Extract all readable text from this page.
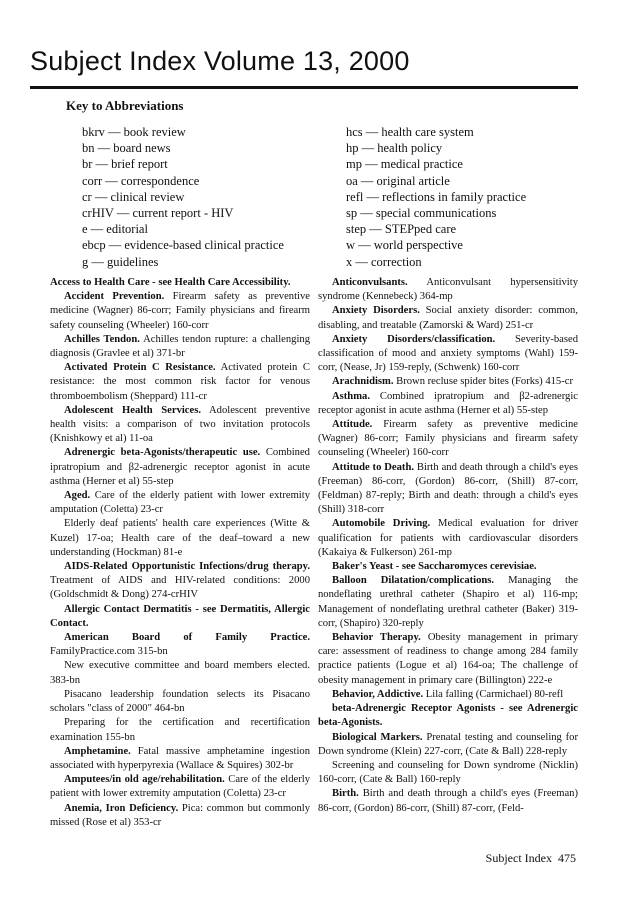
Subject Index Volume 13, 2000
Key to Abbreviations
bkrv — book review
bn — board news
br — brief report
corr — correspondence
cr — clinical review
crHIV — current report - HIV
e — editorial
ebcp — evidence-based clinical practice
g — guidelines
hcs — health care system
hp — health policy
mp — medical practice
oa — original article
refl — reflections in family practice
sp — special communications
step — STEPped care
w — world perspective
x — correction

Access to Health Care - see Health Care Accessibility.

Accident Prevention. Firearm safety as preventive medicine (Wagner) 86-corr; Family physicians and firearm safety counseling (Wheeler) 160-corr

Achilles Tendon. Achilles tendon rupture: a challenging diagnosis (Gravlee et al) 371-br

Activated Protein C Resistance. Activated protein C resistance: the most common risk factor for venous thromboembolism (Sheppard) 111-cr

Adolescent Health Services. Adolescent preventive health visits: a comparison of two invitation protocols (Knishkowy et al) 11-oa

Adrenergic beta-Agonists/therapeutic use. Combined ipratropium and β2-adrenergic receptor agonist in acute asthma (Herner et al) 55-step

Aged. Care of the elderly patient with lower extremity amputation (Coletta) 23-cr

Elderly deaf patients' health care experiences (Witte & Kuzel) 17-oa; Health care of the deaf–toward a new understanding (Hockman) 81-e

AIDS-Related Opportunistic Infections/drug therapy. Treatment of AIDS and HIV-related conditions: 2000 (Goldschmidt & Dong) 274-crHIV

Allergic Contact Dermatitis - see Dermatitis, Allergic Contact.

American Board of Family Practice. FamilyPractice.com 315-bn

New executive committee and board members elected. 383-bn

Pisacano leadership foundation selects its Pisacano scholars "class of 2000" 464-bn

Preparing for the certification and recertification examination 155-bn

Amphetamine. Fatal massive amphetamine ingestion associated with hyperpyrexia (Wallace & Squires) 302-br

Amputees/in old age/rehabilitation. Care of the elderly patient with lower extremity amputation (Coletta) 23-cr

Anemia, Iron Deficiency. Pica: common but commonly missed (Rose et al) 353-cr

Anticonvulsants. Anticonvulsant hypersensitivity syndrome (Kennebeck) 364-mp

Anxiety Disorders. Social anxiety disorder: common, disabling, and treatable (Zamorski & Ward) 251-cr

Anxiety Disorders/classification. Severity-based classification of mood and anxiety symptoms (Wahl) 159-corr, (Nease, Jr) 159-reply, (Schwenk) 160-corr

Arachnidism. Brown recluse spider bites (Forks) 415-cr

Asthma. Combined ipratropium and β2-adrenergic receptor agonist in acute asthma (Herner et al) 55-step

Attitude. Firearm safety as preventive medicine (Wagner) 86-corr; Family physicians and firearm safety counseling (Wheeler) 160-corr

Attitude to Death. Birth and death through a child's eyes (Freeman) 86-corr, (Gordon) 86-corr, (Shill) 87-corr, (Feldman) 87-reply; Birth and death: through a child's eyes (Shill) 318-corr

Automobile Driving. Medical evaluation for driver qualification for patients with cardiovascular disorders (Kakaiya & Fulkerson) 261-mp

Baker's Yeast - see Saccharomyces cerevisiae.

Balloon Dilatation/complications. Managing the nondeflating urethral catheter (Shapiro et al) 116-mp; Management of nondeflating urethral catheter (Baker) 319-corr, (Shapiro) 320-reply

Behavior Therapy. Obesity management in primary care: assessment of readiness to change among 284 family practice patients (Logue et al) 164-oa; The challenge of obesity management in primary care (Billington) 222-e

Behavior, Addictive. Lila falling (Carmichael) 80-refl

beta-Adrenergic Receptor Agonists - see Adrenergic beta-Agonists.

Biological Markers. Prenatal testing and counseling for Down syndrome (Klein) 227-corr, (Cate & Ball) 228-reply

Screening and counseling for Down syndrome (Nicklin) 160-corr, (Cate & Ball) 160-reply

Birth. Birth and death through a child's eyes (Freeman) 86-corr, (Gordon) 86-corr, (Shill) 87-corr, (Feld-

Subject Index 475
